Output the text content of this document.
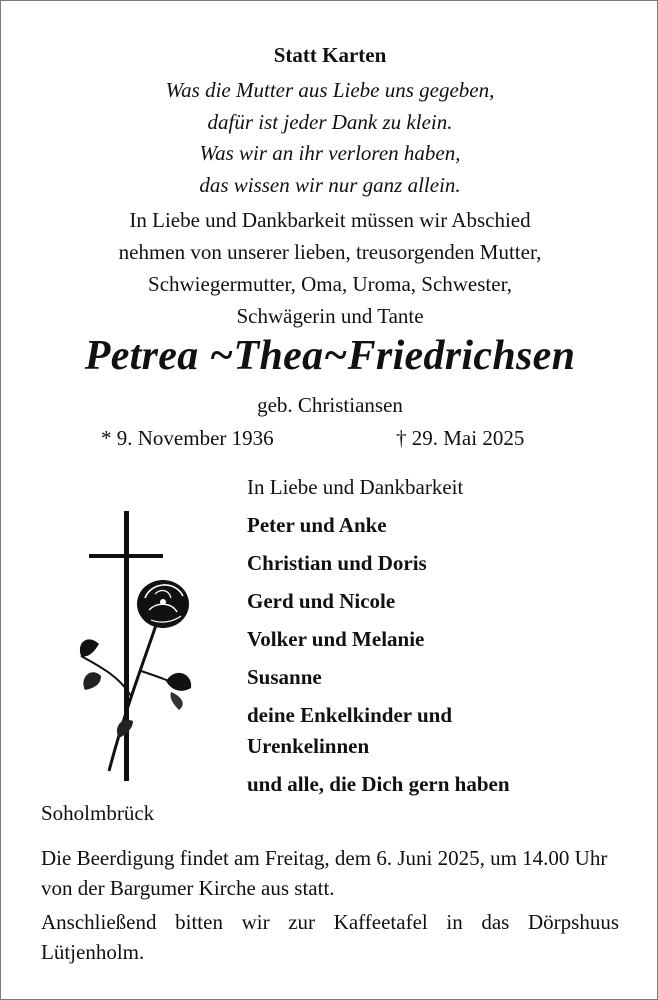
Statt Karten
Was die Mutter aus Liebe uns gegeben,
dafür ist jeder Dank zu klein.
Was wir an ihr verloren haben,
das wissen wir nur ganz allein.
In Liebe und Dankbarkeit müssen wir Abschied
nehmen von unserer lieben, treusorgenden Mutter,
Schwiegermutter, Oma, Uroma, Schwester,
Schwägerin und Tante
Petrea ~Thea~Friedrichsen
geb. Christiansen
* 9. November 1936	† 29. Mai 2025
In Liebe und Dankbarkeit
Peter und Anke
Christian und Doris
Gerd und Nicole
Volker und Melanie
Susanne
deine Enkelkinder und
Urenkelinnen
und alle, die Dich gern haben
Soholmbrück
Die Beerdigung findet am Freitag, dem 6. Juni 2025, um 14.00 Uhr von der Bargumer Kirche aus statt.
Anschließend bitten wir zur Kaffeetafel in das Dörpshuus Lütjenholm.
